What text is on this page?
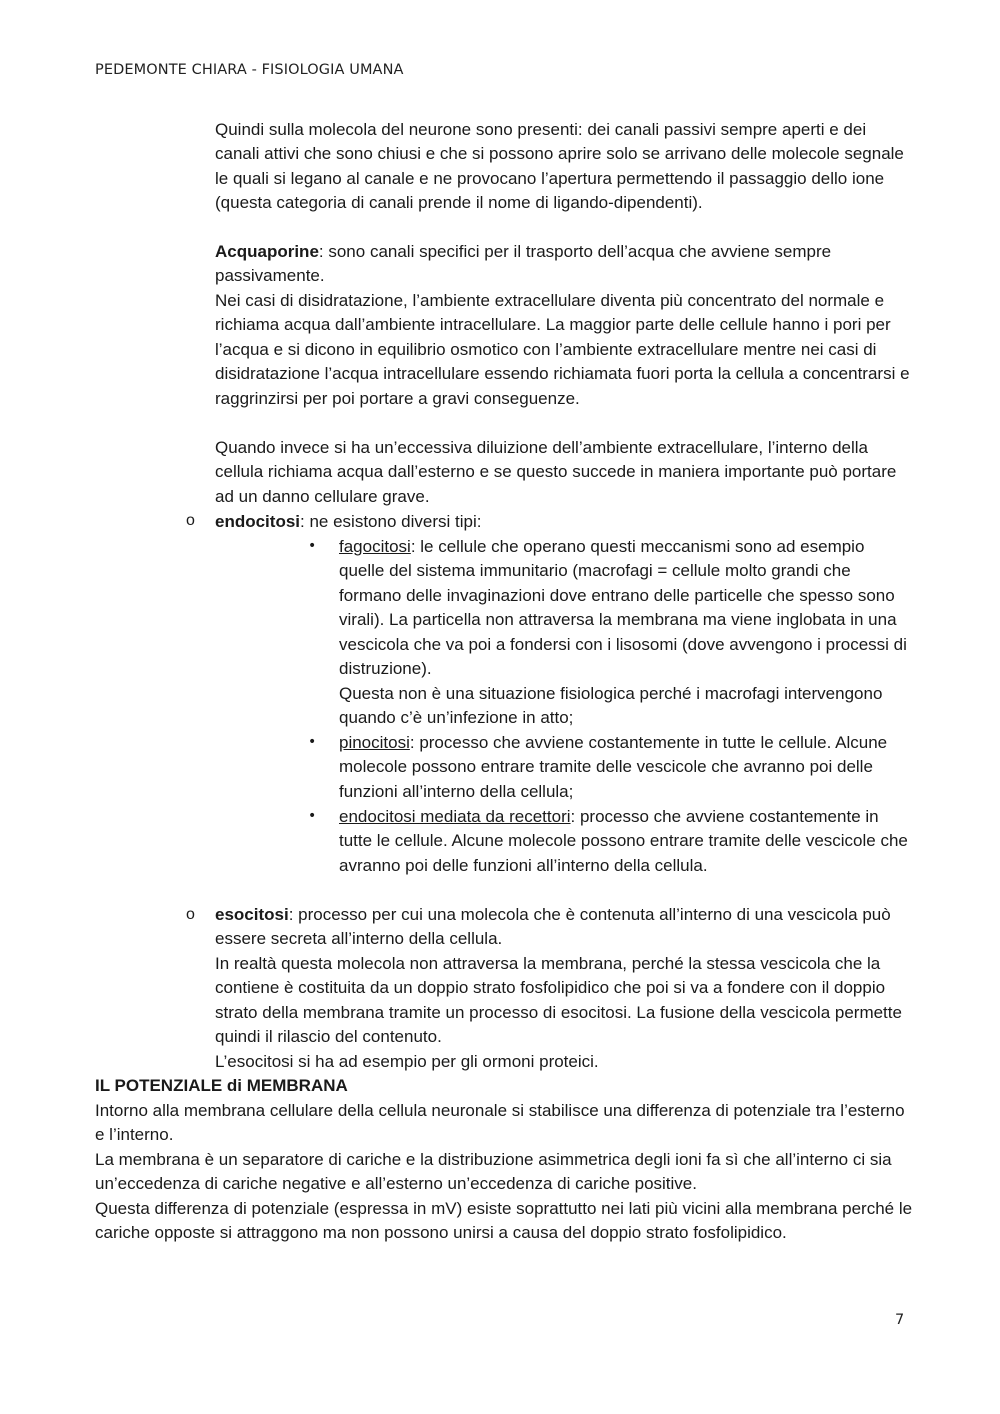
PEDEMONTE CHIARA - FISIOLOGIA UMANA
Quindi sulla molecola del neurone sono presenti: dei canali passivi sempre aperti e dei canali attivi che sono chiusi e che si possono aprire solo se arrivano delle molecole segnale le quali si legano al canale e ne provocano l’apertura permettendo il passaggio dello ione (questa categoria di canali prende il nome di ligando-dipendenti).
Acquaporine: sono canali specifici per il trasporto dell’acqua che avviene sempre passivamente.
Nei casi di disidratazione, l’ambiente extracellulare diventa più concentrato del normale e richiama acqua dall’ambiente intracellulare. La maggior parte delle cellule hanno i pori per l’acqua e si dicono in equilibrio osmotico con l’ambiente extracellulare mentre nei casi di disidratazione l’acqua intracellulare essendo richiamata fuori porta la cellula a concentrarsi e raggrinzirsi per poi portare a gravi conseguenze.
Quando invece si ha un’eccessiva diluizione dell’ambiente extracellulare, l’interno della cellula richiama acqua dall’esterno e se questo succede in maniera importante può portare ad un danno cellulare grave.
o endocitosi: ne esistono diversi tipi:
• fagocitosi: le cellule che operano questi meccanismi sono ad esempio quelle del sistema immunitario (macrofagi = cellule molto grandi che formano delle invaginazioni dove entrano delle particelle che spesso sono virali). La particella non attraversa la membrana ma viene inglobata in una vescicola che va poi a fondersi con i lisosomi (dove avvengono i processi di distruzione).
Questa non è una situazione fisiologica perché i macrofagi intervengono quando c’è un’infezione in atto;
• pinocitosi: processo che avviene costantemente in tutte le cellule. Alcune molecole possono entrare tramite delle vescicole che avranno poi delle funzioni all’interno della cellula;
• endocitosi mediata da recettori: processo che avviene costantemente in tutte le cellule. Alcune molecole possono entrare tramite delle vescicole che avranno poi delle funzioni all’interno della cellula.
o esocitosi: processo per cui una molecola che è contenuta all’interno di una vescicola può essere secreta all’interno della cellula.
In realtà questa molecola non attraversa la membrana, perché la stessa vescicola che la contiene è costituita da un doppio strato fosfolipidico che poi si va a fondere con il doppio strato della membrana tramite un processo di esocitosi. La fusione della vescicola permette quindi il rilascio del contenuto.
L’esocitosi si ha ad esempio per gli ormoni proteici.
IL POTENZIALE di MEMBRANA
Intorno alla membrana cellulare della cellula neuronale si stabilisce una differenza di potenziale tra l’esterno e l’interno.
La membrana è un separatore di cariche e la distribuzione asimmetrica degli ioni fa sì che all’interno ci sia un’eccedenza di cariche negative e all’esterno un’eccedenza di cariche positive.
Questa differenza di potenziale (espressa in mV) esiste soprattutto nei lati più vicini alla membrana perché le cariche opposte si attraggono ma non possono unirsi a causa del doppio strato fosfolipidico.
7
